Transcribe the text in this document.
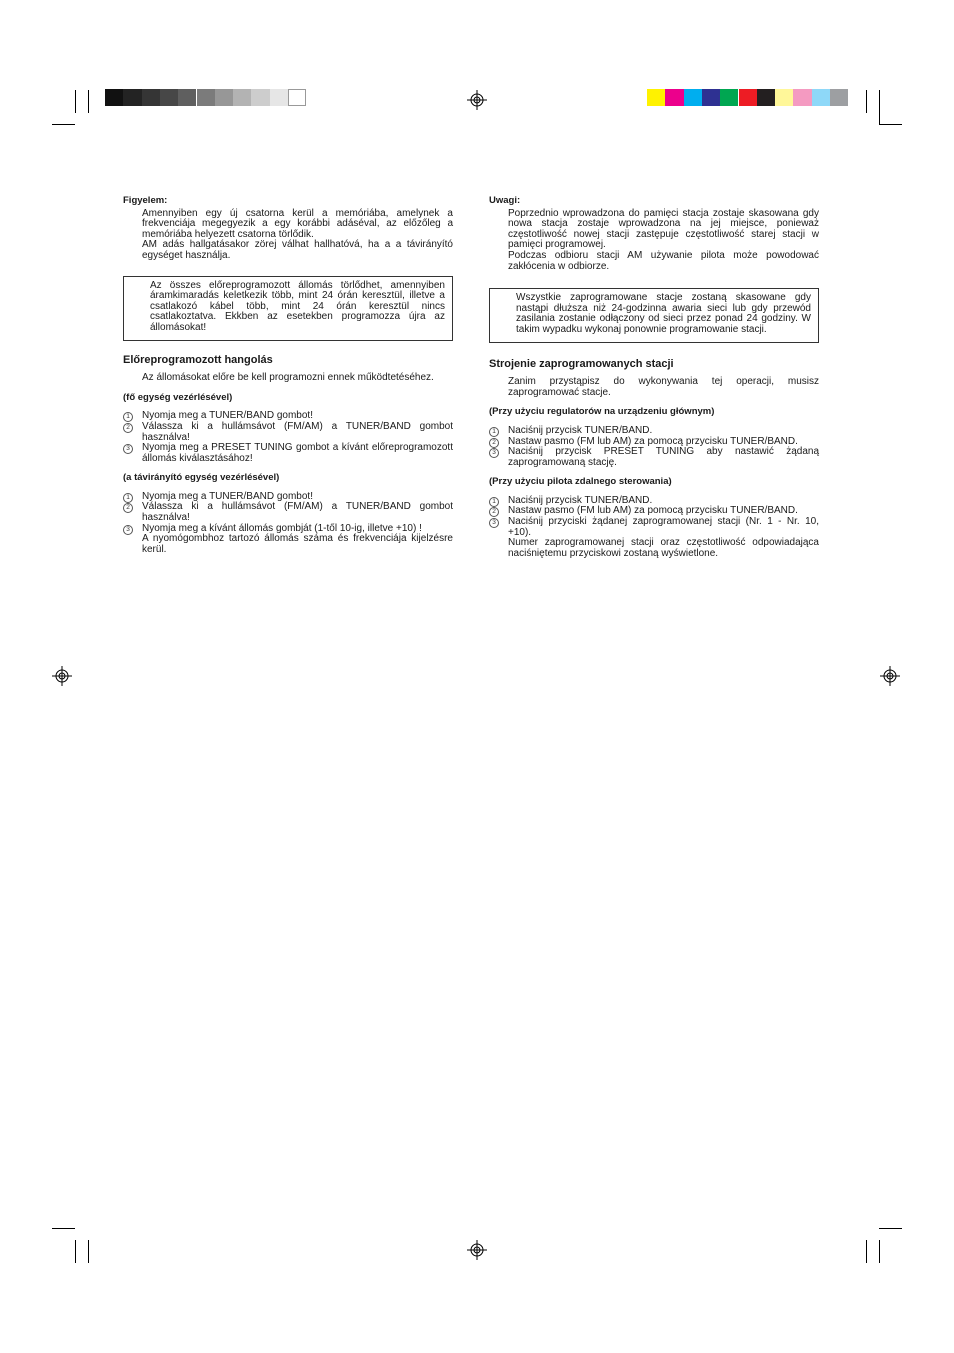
Figyelem:

Amennyiben egy új csatorna kerül a memóriába, amelynek a frekvenciája megegyezik a egy korábbi adáséval, az előzőleg a memóriába helyezett csatorna törlődik.

AM adás hallgatásakor zörej válhat hallhatóvá, ha a a távirányító egységet használja.

Az összes előreprogramozott állomás törlődhet, amennyiben áramkimaradás keletkezik több, mint 24 órán keresztül, illetve a csatlakozó kábel több, mint 24 órán keresztül nincs csatlakoztatva. Ekkben az esetekben programozza újra az állomásokat!

Előreprogramozott hangolás

Az állomásokat előre be kell programozni ennek működtetéséhez.

(fő egység vezérlésével)

1	Nyomja meg a TUNER/BAND gombot!
2	Válassza ki a hullámsávot (FM/AM) a TUNER/BAND gombot használva!
3	Nyomja meg a PRESET TUNING gombot a kívánt előreprogramozott állomás kiválasztásához!

(a távirányító egység vezérlésével)

1	Nyomja meg a TUNER/BAND gombot!
2	Válassza ki a hullámsávot (FM/AM) a TUNER/BAND gombot használva!
3	Nyomja meg a kívánt állomás gombját (1-től 10-ig, illetve +10) !

A nyomógombhoz tartozó állomás száma és frekvenciája kijelzésre kerül.

Uwagi:

Poprzednio wprowadzona do pamięci stacja zostaje skasowana gdy nowa stacja zostaje wprowadzona na jej miejsce, ponieważ częstotliwość nowej stacji zastępuje częstotliwość starej stacji w pamięci programowej.

Podczas odbioru stacji AM używanie pilota może powodować zakłócenia w odbiorze.

Wszystkie zaprogramowane stacje zostaną skasowane gdy nastąpi dłuższa niż 24-godzinna awaria sieci lub gdy przewód zasilania zostanie odłączony od sieci przez ponad 24 godziny. W takim wypadku wykonaj ponownie programowanie stacji.

Strojenie zaprogramowanych stacji

Zanim przystąpisz do wykonywania tej operacji, musisz zaprogramować stacje.

(Przy użyciu regulatorów na urządzeniu głównym)

1	Naciśnij przycisk TUNER/BAND.
2	Nastaw pasmo (FM lub AM) za pomocą przycisku TUNER/BAND.
3	Naciśnij przycisk PRESET TUNING aby nastawić żądaną zaprogramowaną stację.

(Przy użyciu pilota zdalnego sterowania)

1	Naciśnij przycisk TUNER/BAND.
2	Nastaw pasmo (FM lub AM) za pomocą przycisku TUNER/BAND.
3	Naciśnij przyciski żądanej zaprogramowanej stacji (Nr. 1 - Nr. 10, +10).

Numer zaprogramowanej stacji oraz częstotliwość odpowiadająca naciśniętemu przyciskowi zostaną wyświetlone.
